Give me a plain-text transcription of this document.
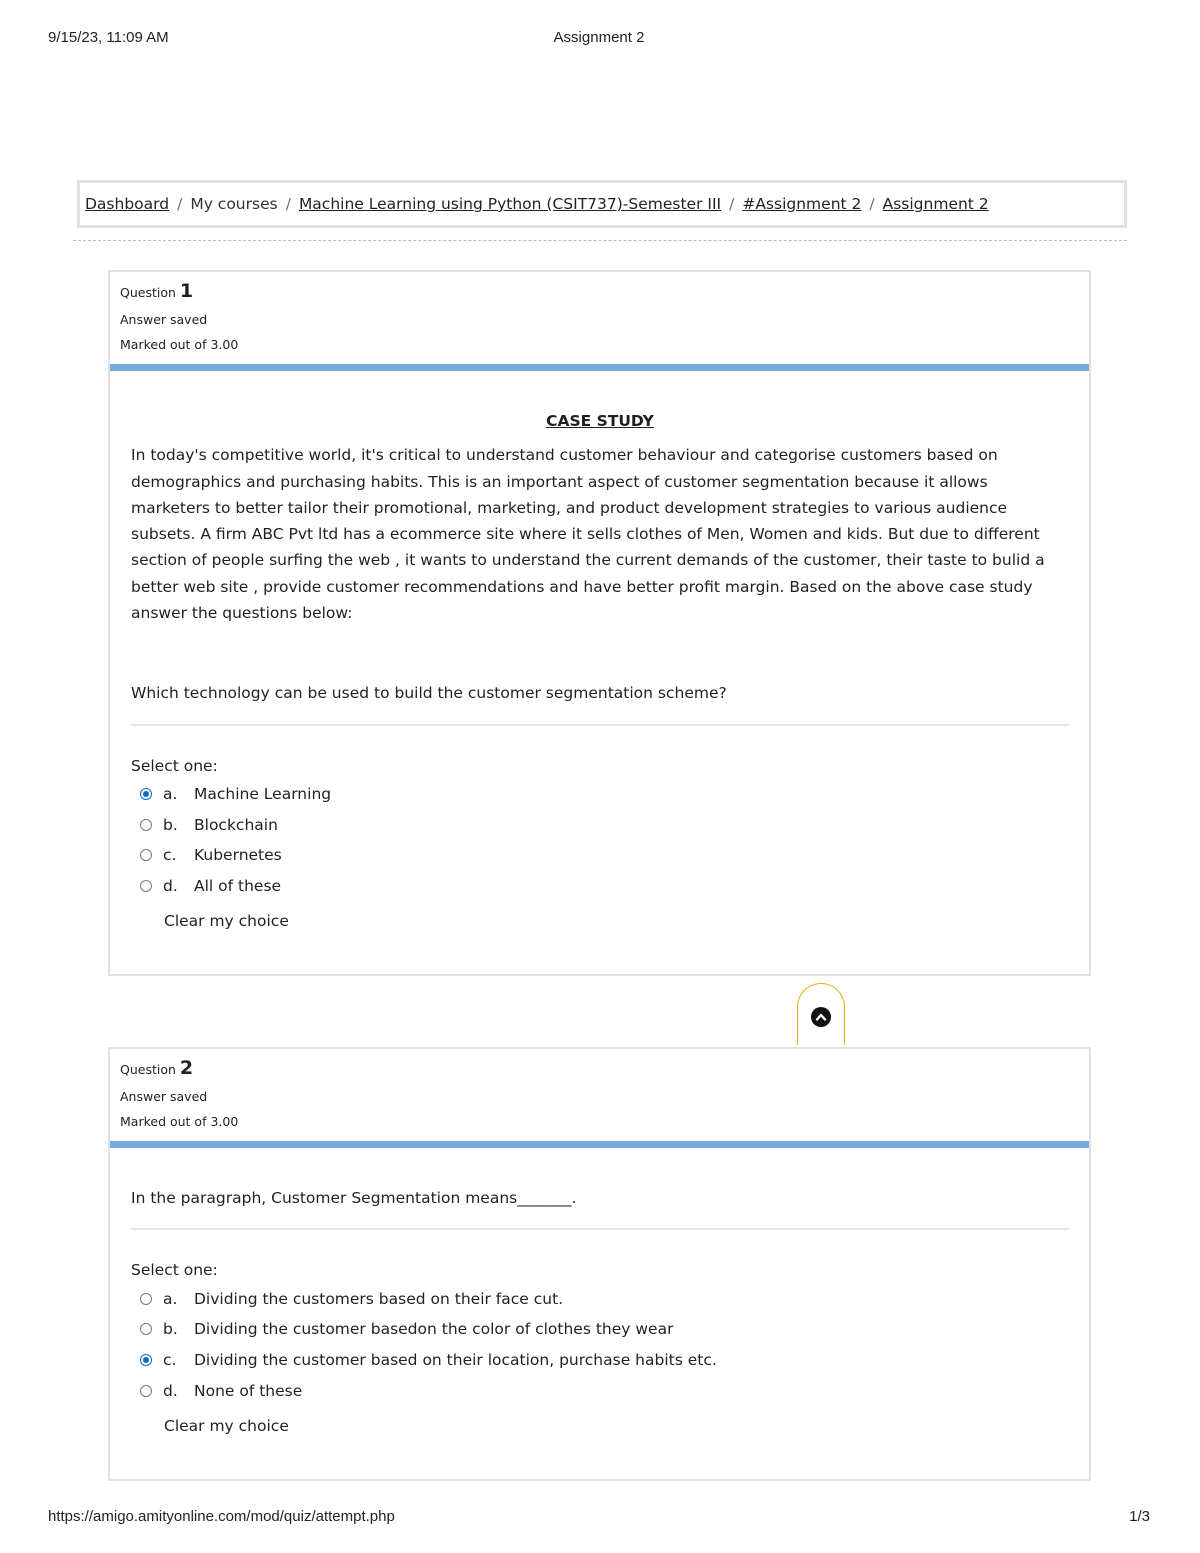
9/15/23, 11:09 AM	Assignment 2
Dashboard / My courses / Machine Learning using Python (CSIT737)-Semester III / #Assignment 2 / Assignment 2
Question 1
Answer saved
Marked out of 3.00
CASE STUDY
In today's competitive world, it's critical to understand customer behaviour and categorise customers based on demographics and purchasing habits. This is an important aspect of customer segmentation because it allows marketers to better tailor their promotional, marketing, and product development strategies to various audience subsets. A firm ABC Pvt ltd has a ecommerce site where it sells clothes of Men, Women and kids. But due to different section of people surfing the web , it wants to understand the current demands of the customer, their taste to bulid a better web site , provide customer recommendations and have better profit margin. Based on the above case study answer the questions below:
Which technology can be used to build the customer segmentation scheme?
Select one:
a.	Machine Learning
b.	Blockchain
c.	Kubernetes
d.	All of these
Clear my choice
Question 2
Answer saved
Marked out of 3.00
In the paragraph, Customer Segmentation means_______.
Select one:
a.	Dividing the customers based on their face cut.
b.	Dividing the customer basedon the color of clothes they wear
c.	Dividing the customer based on their location, purchase habits etc.
d.	None of these
Clear my choice
https://amigo.amityonline.com/mod/quiz/attempt.php	1/3
